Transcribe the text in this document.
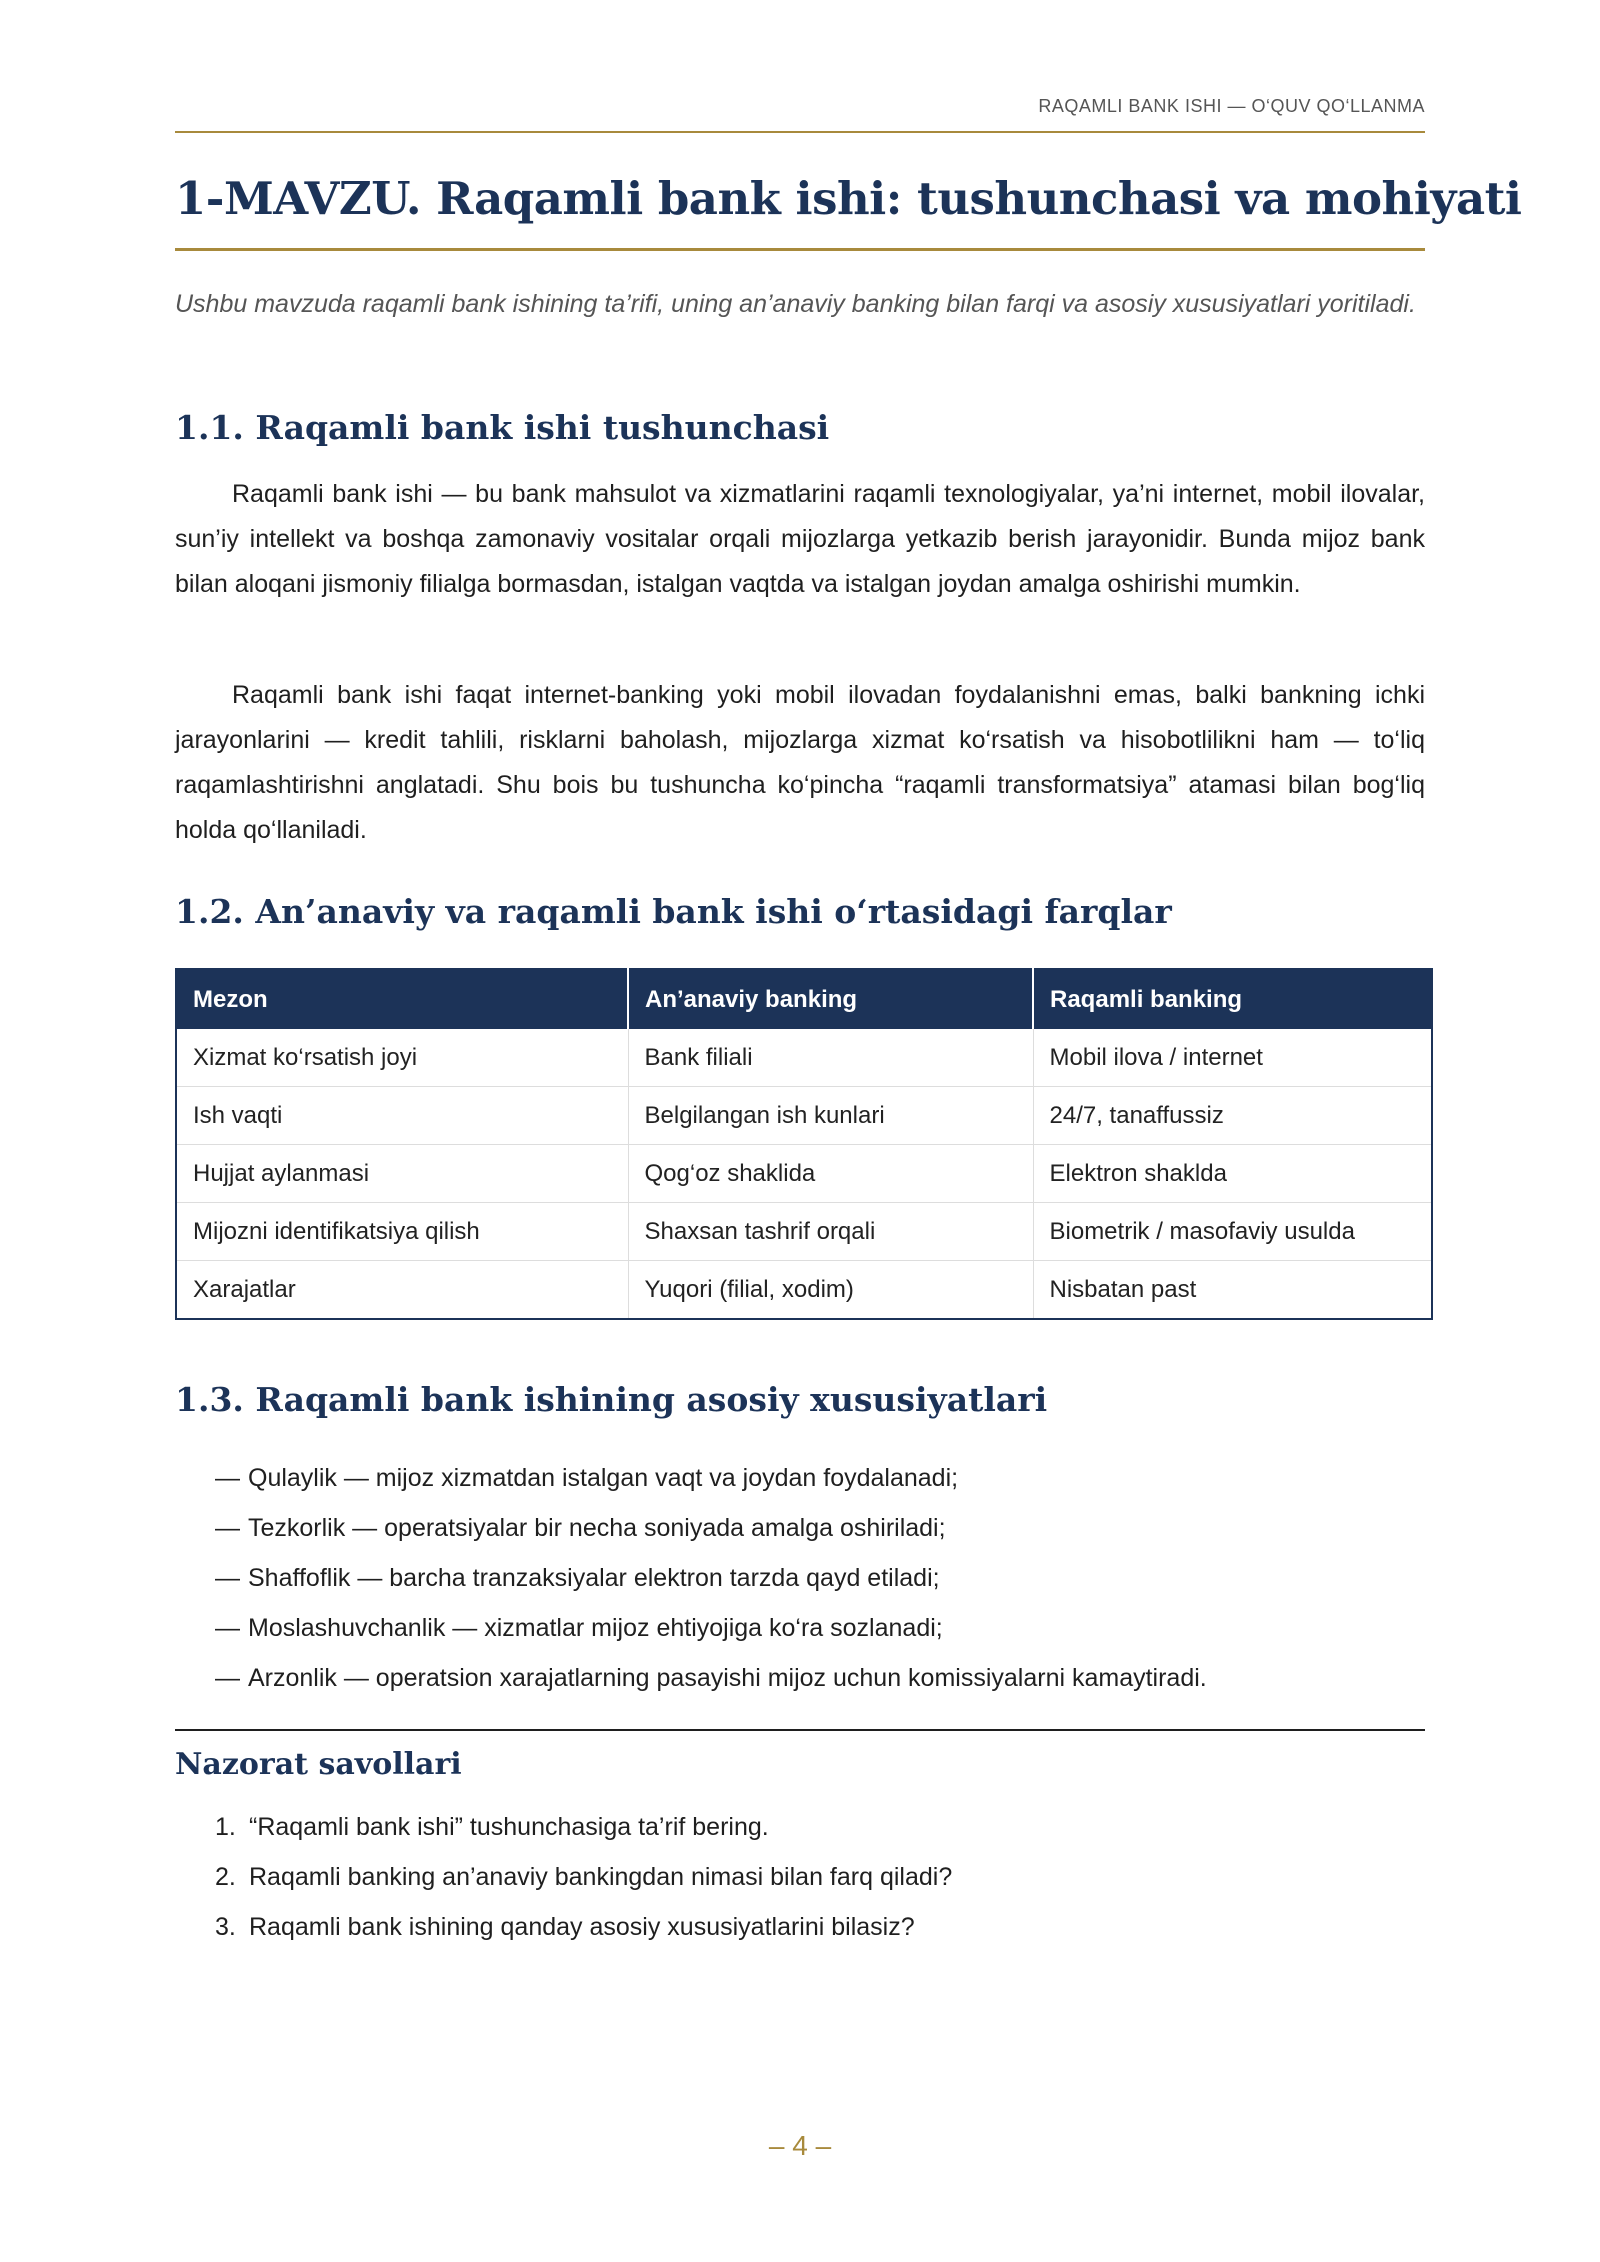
RAQAMLI BANK ISHI — O‘QUV QO‘LLANMA
1-MAVZU. Raqamli bank ishi: tushunchasi va mohiyati

Ushbu mavzuda raqamli bank ishining ta’rifi, uning an’anaviy banking bilan farqi va asosiy xususiyatlari yoritiladi.

1.1. Raqamli bank ishi tushunchasi

Raqamli bank ishi — bu bank mahsulot va xizmatlarini raqamli texnologiyalar, ya’ni internet, mobil ilovalar, sun’iy intellekt va boshqa zamonaviy vositalar orqali mijozlarga yetkazib berish jarayonidir. Bunda mijoz bank bilan aloqani jismoniy filialga bormasdan, istalgan vaqtda va istalgan joydan amalga oshirishi mumkin.

Raqamli bank ishi faqat internet-banking yoki mobil ilovadan foydalanishni emas, balki bankning ichki jarayonlarini — kredit tahlili, risklarni baholash, mijozlarga xizmat ko‘rsatish va hisobotlilikni ham — to‘liq raqamlashtirishni anglatadi. Shu bois bu tushuncha ko‘pincha “raqamli transformatsiya” atamasi bilan bog‘liq holda qo‘llaniladi.

1.2. An’anaviy va raqamli bank ishi o‘rtasidagi farqlar
Mezon	An’anaviy banking	Raqamli banking
Xizmat ko‘rsatish joyi	Bank filiali	Mobil ilova / internet
Ish vaqti	Belgilangan ish kunlari	24/7, tanaffussiz
Hujjat aylanmasi	Qog‘oz shaklida	Elektron shaklda
Mijozni identifikatsiya qilish	Shaxsan tashrif orqali	Biometrik / masofaviy usulda
Xarajatlar	Yuqori (filial, xodim)	Nisbatan past
1.3. Raqamli bank ishining asosiy xususiyatlari
— Qulaylik — mijoz xizmatdan istalgan vaqt va joydan foydalanadi;
— Tezkorlik — operatsiyalar bir necha soniyada amalga oshiriladi;
— Shaffoflik — barcha tranzaksiyalar elektron tarzda qayd etiladi;
— Moslashuvchanlik — xizmatlar mijoz ehtiyojiga ko‘ra sozlanadi;
— Arzonlik — operatsion xarajatlarning pasayishi mijoz uchun komissiyalarni kamaytiradi.
Nazorat savollari
1. “Raqamli bank ishi” tushunchasiga ta’rif bering.
2. Raqamli banking an’anaviy bankingdan nimasi bilan farq qiladi?
3. Raqamli bank ishining qanday asosiy xususiyatlarini bilasiz?
– 4 –
